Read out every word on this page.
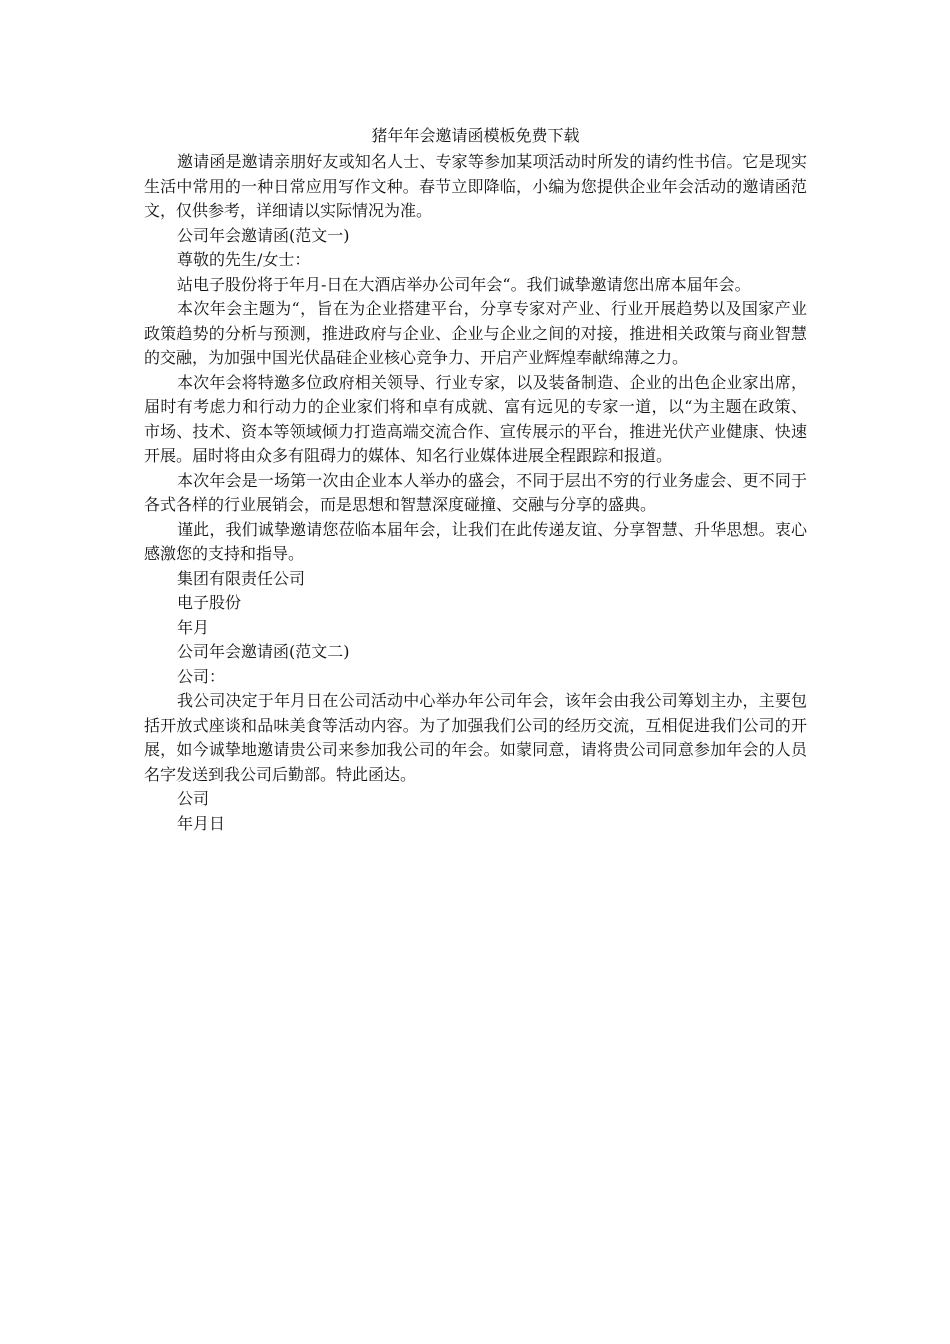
猪年年会邀请函模板免费下载

邀请函是邀请亲朋好友或知名人士、专家等参加某项活动时所发的请约性书信。它是现实生活中常用的一种日常应用写作文种。春节立即降临，小编为您提供企业年会活动的邀请函范文，仅供参考，详细请以实际情况为准。

公司年会邀请函(范文一)

尊敬的先生/女士：

站电子股份将于年月-日在大酒店举办公司年会“。我们诚挚邀请您出席本届年会。

本次年会主题为“，旨在为企业搭建平台，分享专家对产业、行业开展趋势以及国家产业政策趋势的分析与预测，推进政府与企业、企业与企业之间的对接，推进相关政策与商业智慧的交融，为加强中国光伏晶硅企业核心竞争力、开启产业辉煌奉献绵薄之力。

本次年会将特邀多位政府相关领导、行业专家，以及装备制造、企业的出色企业家出席，届时有考虑力和行动力的企业家们将和卓有成就、富有远见的专家一道，以“为主题在政策、市场、技术、资本等领域倾力打造高端交流合作、宣传展示的平台，推进光伏产业健康、快速开展。届时将由众多有阻碍力的媒体、知名行业媒体进展全程跟踪和报道。

本次年会是一场第一次由企业本人举办的盛会，不同于层出不穷的行业务虚会、更不同于各式各样的行业展销会，而是思想和智慧深度碰撞、交融与分享的盛典。

谨此，我们诚挚邀请您莅临本届年会，让我们在此传递友谊、分享智慧、升华思想。衷心感激您的支持和指导。

集团有限责任公司

电子股份

年月

公司年会邀请函(范文二)

公司：

我公司决定于年月日在公司活动中心举办年公司年会，该年会由我公司筹划主办，主要包括开放式座谈和品味美食等活动内容。为了加强我们公司的经历交流，互相促进我们公司的开展，如今诚挚地邀请贵公司来参加我公司的年会。如蒙同意，请将贵公司同意参加年会的人员名字发送到我公司后勤部。特此函达。

公司

年月日
